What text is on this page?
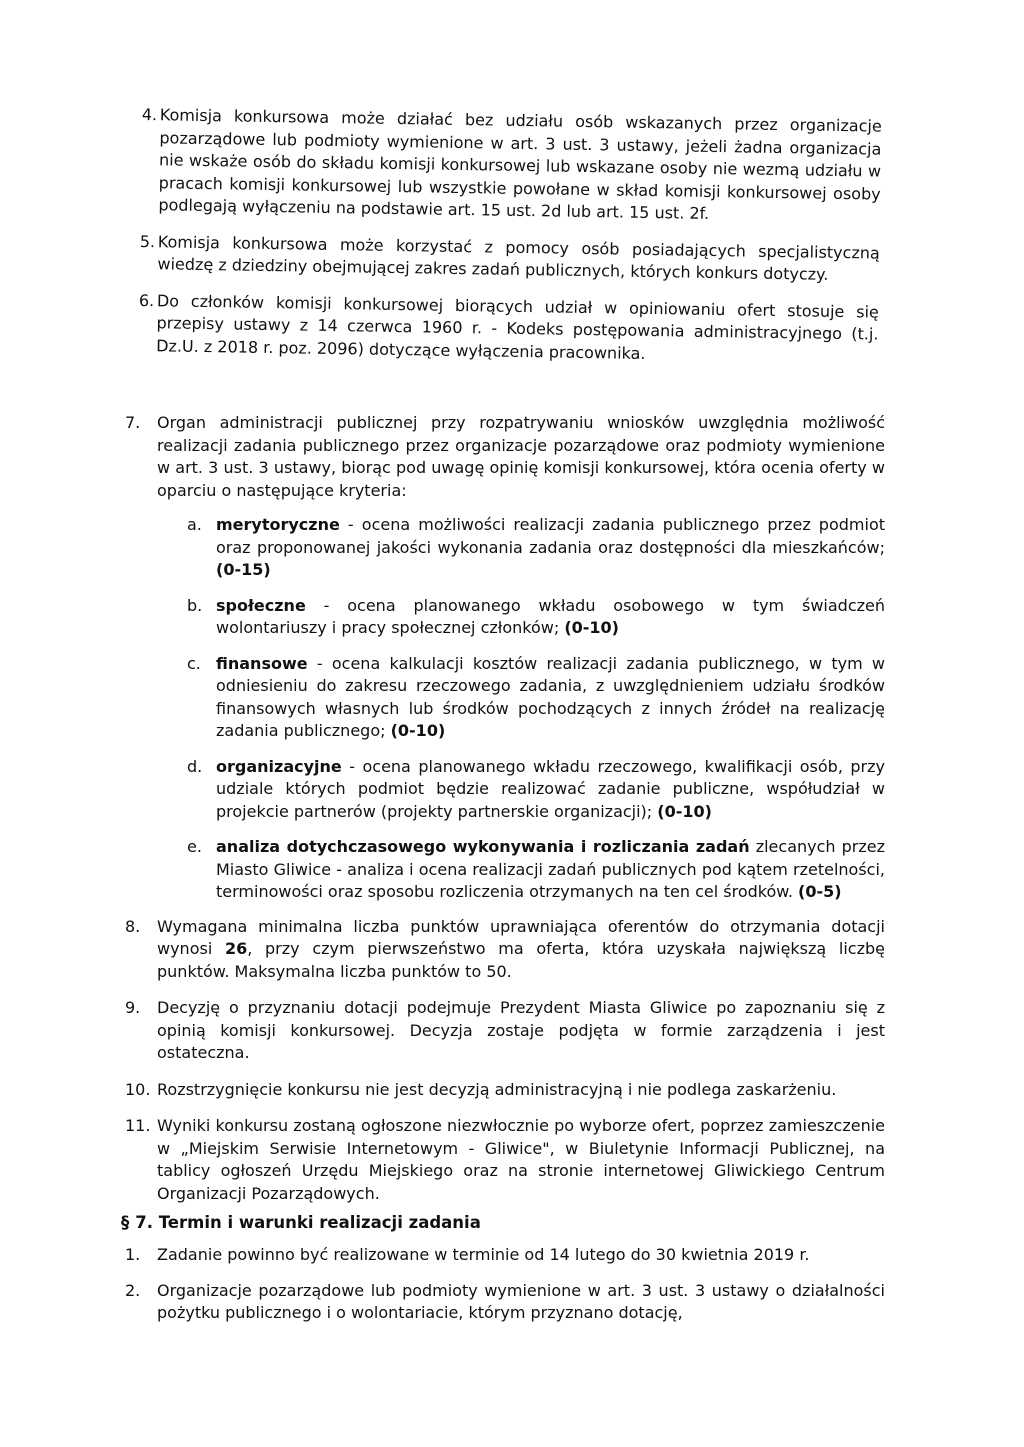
4. Komisja konkursowa może działać bez udziału osób wskazanych przez organizacje pozarządowe lub podmioty wymienione w art. 3 ust. 3 ustawy, jeżeli żadna organizacja nie wskaże osób do składu komisji konkursowej lub wskazane osoby nie wezmą udziału w pracach komisji konkursowej lub wszystkie powołane w skład komisji konkursowej osoby podlegają wyłączeniu na podstawie art. 15 ust. 2d lub art. 15 ust. 2f.
5. Komisja konkursowa może korzystać z pomocy osób posiadających specjalistyczną wiedzę z dziedziny obejmującej zakres zadań publicznych, których konkurs dotyczy.
6. Do członków komisji konkursowej biorących udział w opiniowaniu ofert stosuje się przepisy ustawy z 14 czerwca 1960 r. - Kodeks postępowania administracyjnego (t.j. Dz.U. z 2018 r. poz. 2096) dotyczące wyłączenia pracownika.
7.	Organ administracji publicznej przy rozpatrywaniu wniosków uwzględnia możliwość realizacji zadania publicznego przez organizacje pozarządowe oraz podmioty wymienione w art. 3 ust. 3 ustawy, biorąc pod uwagę opinię komisji konkursowej, która ocenia oferty w oparciu o następujące kryteria:
a. merytoryczne - ocena możliwości realizacji zadania publicznego przez podmiot oraz proponowanej jakości wykonania zadania oraz dostępności dla mieszkańców; (0-15)
b. społeczne - ocena planowanego wkładu osobowego w tym świadczeń wolontariuszy i pracy społecznej członków; (0-10)
c. finansowe - ocena kalkulacji kosztów realizacji zadania publicznego, w tym w odniesieniu do zakresu rzeczowego zadania, z uwzględnieniem udziału środków finansowych własnych lub środków pochodzących z innych źródeł na realizację zadania publicznego; (0-10)
d. organizacyjne - ocena planowanego wkładu rzeczowego, kwalifikacji osób, przy udziale których podmiot będzie realizować zadanie publiczne, współudział w projekcie partnerów (projekty partnerskie organizacji); (0-10)
e. analiza dotychczasowego wykonywania i rozliczania zadań zlecanych przez Miasto Gliwice - analiza i ocena realizacji zadań publicznych pod kątem rzetelności, terminowości oraz sposobu rozliczenia otrzymanych na ten cel środków. (0-5)
8.	Wymagana minimalna liczba punktów uprawniająca oferentów do otrzymania dotacji wynosi 26, przy czym pierwszeństwo ma oferta, która uzyskała największą liczbę punktów. Maksymalna liczba punktów to 50.
9.	Decyzję o przyznaniu dotacji podejmuje Prezydent Miasta Gliwice po zapoznaniu się z opinią komisji konkursowej. Decyzja zostaje podjęta w formie zarządzenia i jest ostateczna.
10. Rozstrzygnięcie konkursu nie jest decyzją administracyjną i nie podlega zaskarżeniu.
11. Wyniki konkursu zostaną ogłoszone niezwłocznie po wyborze ofert, poprzez zamieszczenie w „Miejskim Serwisie Internetowym - Gliwice", w Biuletynie Informacji Publicznej, na tablicy ogłoszeń Urzędu Miejskiego oraz na stronie internetowej Gliwickiego Centrum Organizacji Pozarządowych.
§ 7. Termin i warunki realizacji zadania
1.	Zadanie powinno być realizowane w terminie od 14 lutego do 30 kwietnia 2019 r.
2.	Organizacje pozarządowe lub podmioty wymienione w art. 3 ust. 3 ustawy o działalności pożytku publicznego i o wolontariacie, którym przyznano dotację,
